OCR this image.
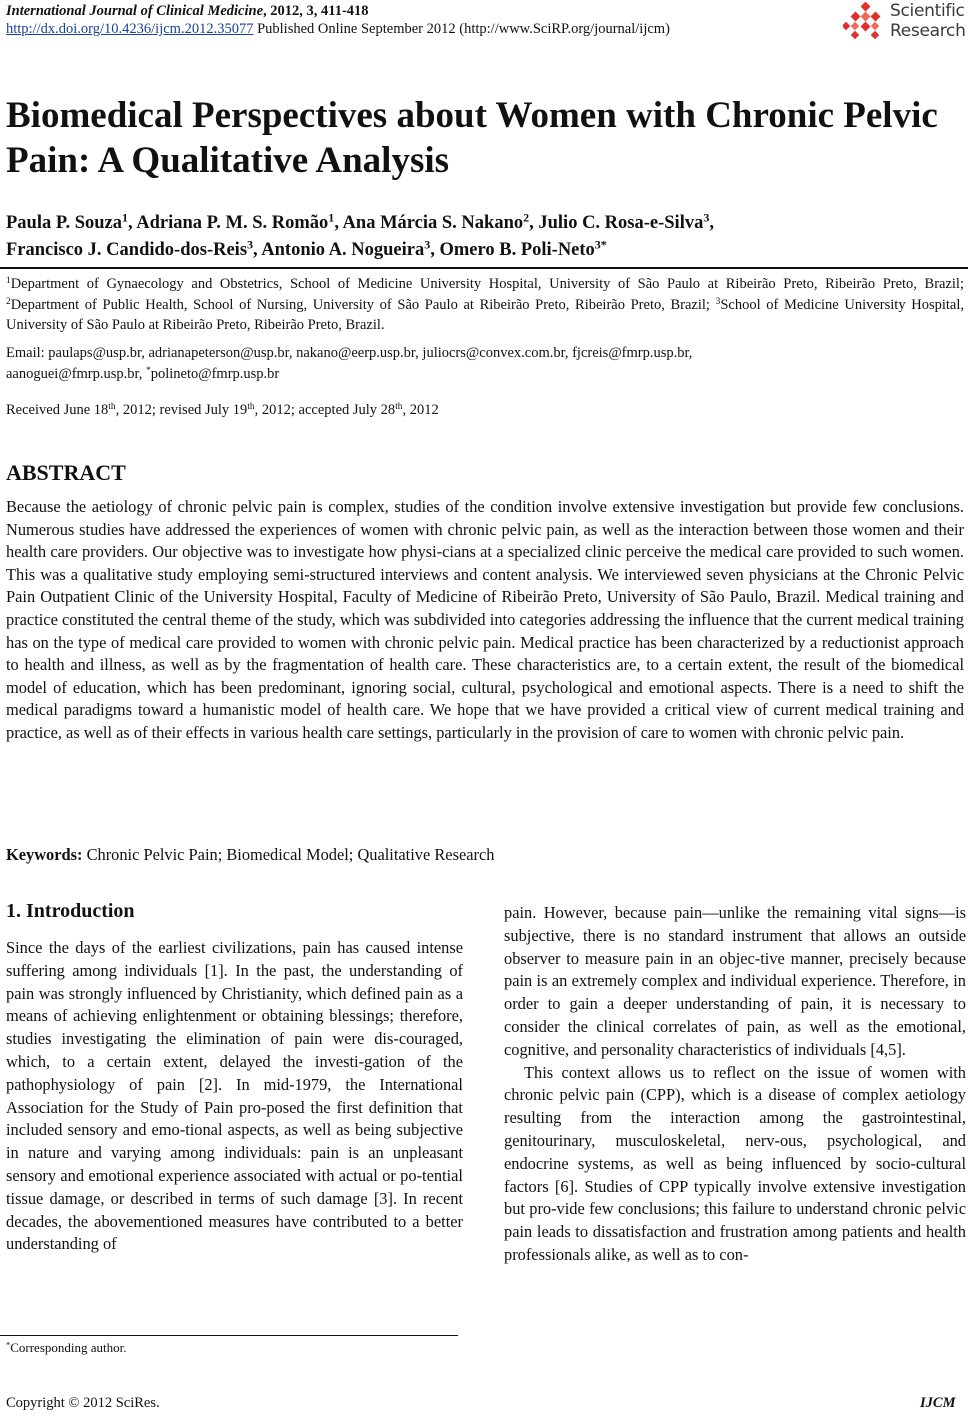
International Journal of Clinical Medicine, 2012, 3, 411-418
http://dx.doi.org/10.4236/ijcm.2012.35077 Published Online September 2012 (http://www.SciRP.org/journal/ijcm)
Scientific
Research
Biomedical Perspectives about Women with Chronic Pelvic Pain: A Qualitative Analysis
Paula P. Souza$^1$, Adriana P. M. S. Romão$^1$, Ana Márcia S. Nakano$^2$, Julio C. Rosa-e-Silva$^3$,
Francisco J. Candido-dos-Reis$^3$, Antonio A. Nogueira$^3$, Omero B. Poli-Neto$^{3*}$
$^1$Department of Gynaecology and Obstetrics, School of Medicine University Hospital, University of São Paulo at Ribeirão Preto, Ribeirão Preto, Brazil; $^2$Department of Public Health, School of Nursing, University of São Paulo at Ribeirão Preto, Ribeirão Preto, Brazil; $^3$School of Medicine University Hospital, University of São Paulo at Ribeirão Preto, Ribeirão Preto, Brazil.
Email: paulaps@usp.br, adrianapeterson@usp.br, nakano@eerp.usp.br, juliocrs@convex.com.br, fjcreis@fmrp.usp.br,
aanoguei@fmrp.usp.br, *polineto@fmrp.usp.br
Received June 18th, 2012; revised July 19th, 2012; accepted July 28th, 2012
ABSTRACT
Because the aetiology of chronic pelvic pain is complex, studies of the condition involve extensive investigation but provide few conclusions. Numerous studies have addressed the experiences of women with chronic pelvic pain, as well as the interaction between those women and their health care providers. Our objective was to investigate how physi-cians at a specialized clinic perceive the medical care provided to such women. This was a qualitative study employing semi-structured interviews and content analysis. We interviewed seven physicians at the Chronic Pelvic Pain Outpatient Clinic of the University Hospital, Faculty of Medicine of Ribeirão Preto, University of São Paulo, Brazil. Medical training and practice constituted the central theme of the study, which was subdivided into categories addressing the influence that the current medical training has on the type of medical care provided to women with chronic pelvic pain. Medical practice has been characterized by a reductionist approach to health and illness, as well as by the fragmentation of health care. These characteristics are, to a certain extent, the result of the biomedical model of education, which has been predominant, ignoring social, cultural, psychological and emotional aspects. There is a need to shift the medical paradigms toward a humanistic model of health care. We hope that we have provided a critical view of current medical training and practice, as well as of their effects in various health care settings, particularly in the provision of care to women with chronic pelvic pain.
Keywords: Chronic Pelvic Pain; Biomedical Model; Qualitative Research
1. Introduction
Since the days of the earliest civilizations, pain has caused intense suffering among individuals [1]. In the past, the understanding of pain was strongly influenced by Christianity, which defined pain as a means of achieving enlightenment or obtaining blessings; therefore, studies investigating the elimination of pain were dis-couraged, which, to a certain extent, delayed the investi-gation of the pathophysiology of pain [2]. In mid-1979, the International Association for the Study of Pain pro-posed the first definition that included sensory and emo-tional aspects, as well as being subjective in nature and varying among individuals: pain is an unpleasant sensory and emotional experience associated with actual or po-tential tissue damage, or described in terms of such damage [3]. In recent decades, the abovementioned measures have contributed to a better understanding of

pain. However, because pain—unlike the remaining vital signs—is subjective, there is no standard instrument that allows an outside observer to measure pain in an objec-tive manner, precisely because pain is an extremely complex and individual experience. Therefore, in order to gain a deeper understanding of pain, it is necessary to consider the clinical correlates of pain, as well as the emotional, cognitive, and personality characteristics of individuals [4,5].

This context allows us to reflect on the issue of women with chronic pelvic pain (CPP), which is a disease of complex aetiology resulting from the interaction among the gastrointestinal, genitourinary, musculoskeletal, nerv-ous, psychological, and endocrine systems, as well as being influenced by socio-cultural factors [6]. Studies of CPP typically involve extensive investigation but pro-vide few conclusions; this failure to understand chronic pelvic pain leads to dissatisfaction and frustration among patients and health professionals alike, as well as to con-

*Corresponding author.
Copyright © 2012 SciRes.	IJCM
